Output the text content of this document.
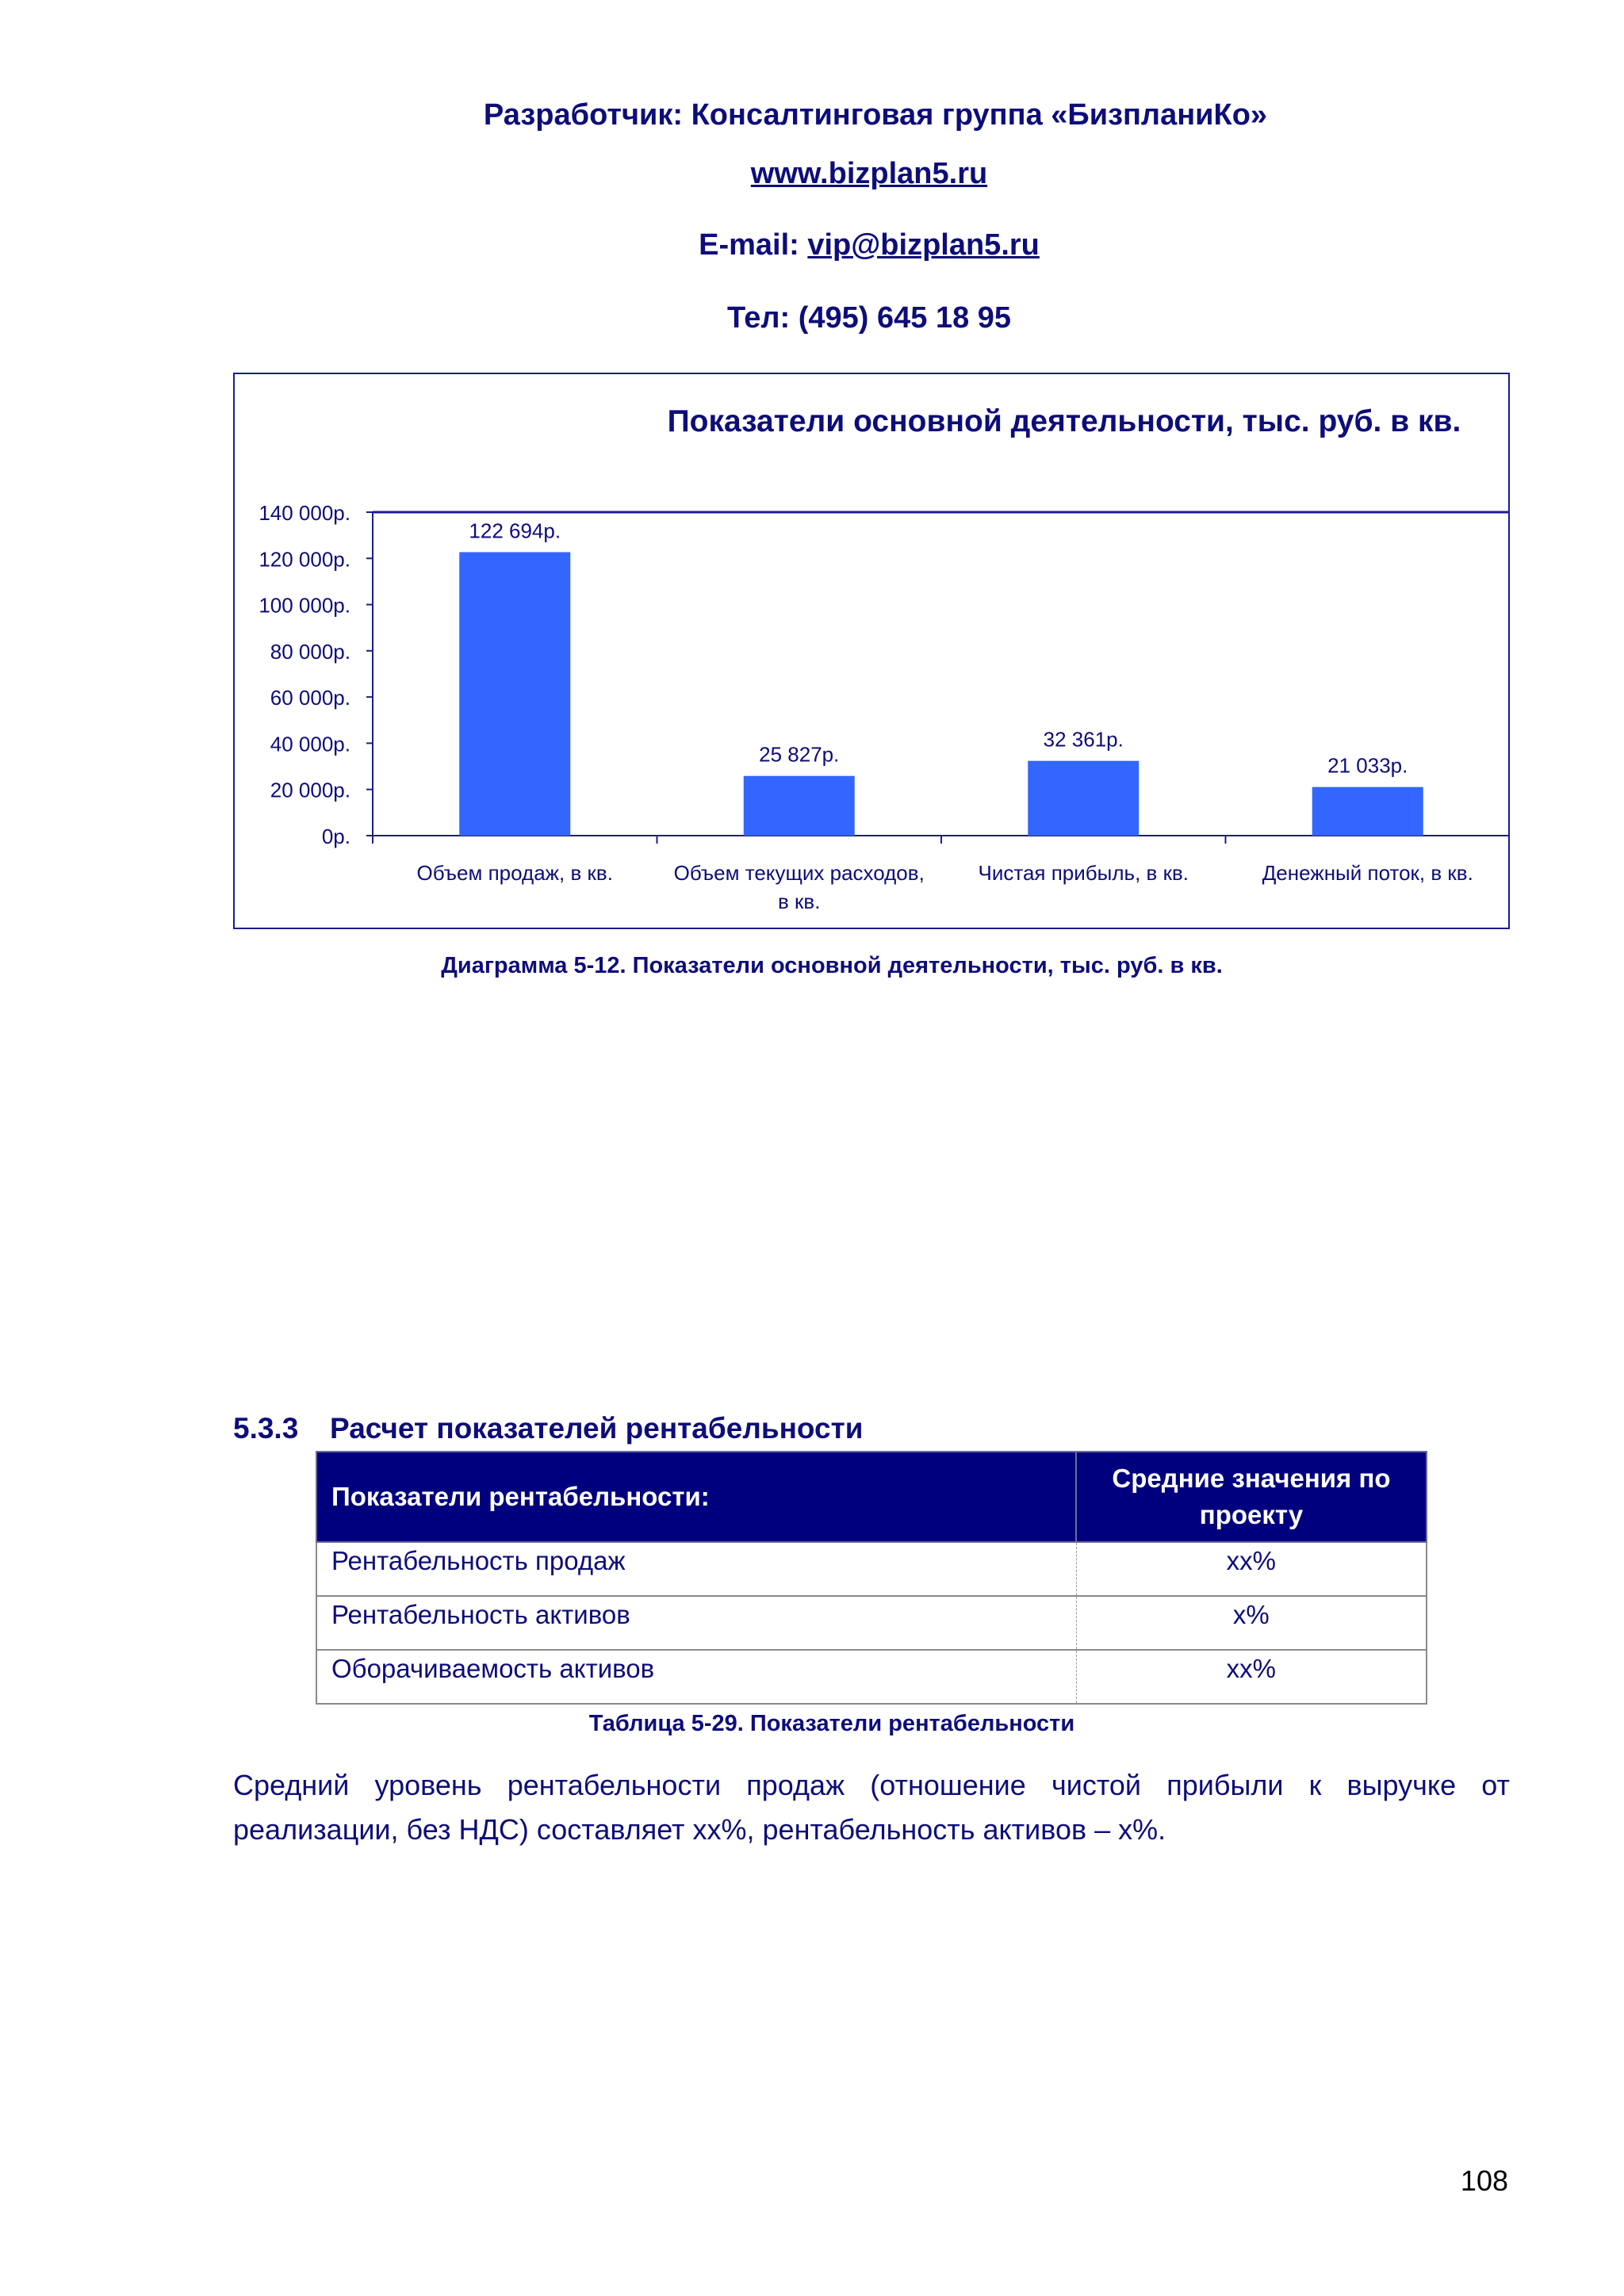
Разработчик: Консалтинговая группа «БизпланиКо»
www.bizplan5.ru
E-mail: vip@bizplan5.ru
Тел: (495) 645 18 95
Показатели основной деятельности, тыс. руб. в кв.
0р.
20 000р.
40 000р.
60 000р.
80 000р.
100 000р.
120 000р.
140 000р.
122 694р.
Объем продаж, в кв.
25 827р.
Объем текущих расходов,
в кв.
32 361р.
Чистая прибыль, в кв.
21 033р.
Денежный поток, в кв.
Диаграмма 5-12. Показатели основной деятельности, тыс. руб. в кв.
5.3.3 Расчет показателей рентабельности
Показатели рентабельности:	Средние значения по проекту
Рентабельность продаж	хх%
Рентабельность активов	х%
Оборачиваемость активов	хх%
Таблица 5-29. Показатели рентабельности
Средний уровень рентабельности продаж (отношение чистой прибыли к выручке от реализации, без НДС) составляет хх%, рентабельность активов – х%.
108
